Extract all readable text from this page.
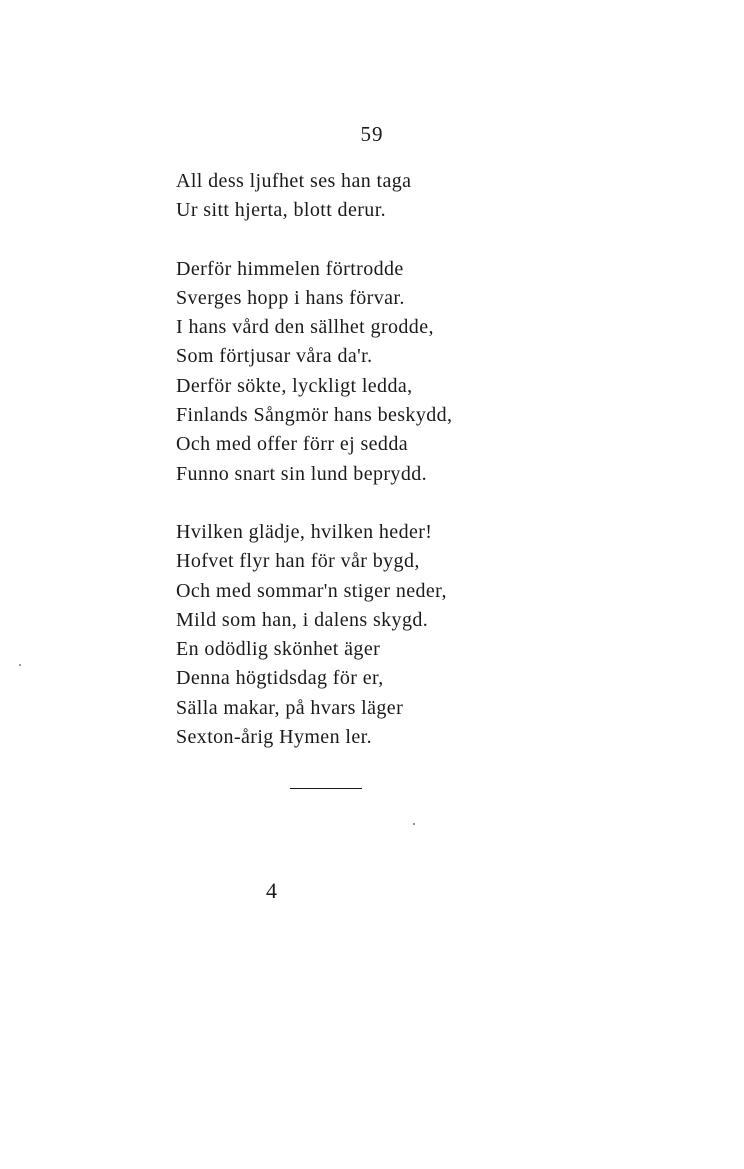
59
All dess ljufhet ses han taga
Ur sitt hjerta, blott derur.
Derför himmelen förtrodde
Sverges hopp i hans förvar.
I hans vård den sällhet grodde,
Som förtjusar våra da'r.
Derför sökte, lyckligt ledda,
Finlands Sångmör hans beskydd,
Och med offer förr ej sedda
Funno snart sin lund beprydd.
Hvilken glädje, hvilken heder!
Hofvet flyr han för vår bygd,
Och med sommar'n stiger neder,
Mild som han, i dalens skygd.
En odödlig skönhet äger
Denna högtidsdag för er,
Sälla makar, på hvars läger
Sexton-årig Hymen ler.
4
